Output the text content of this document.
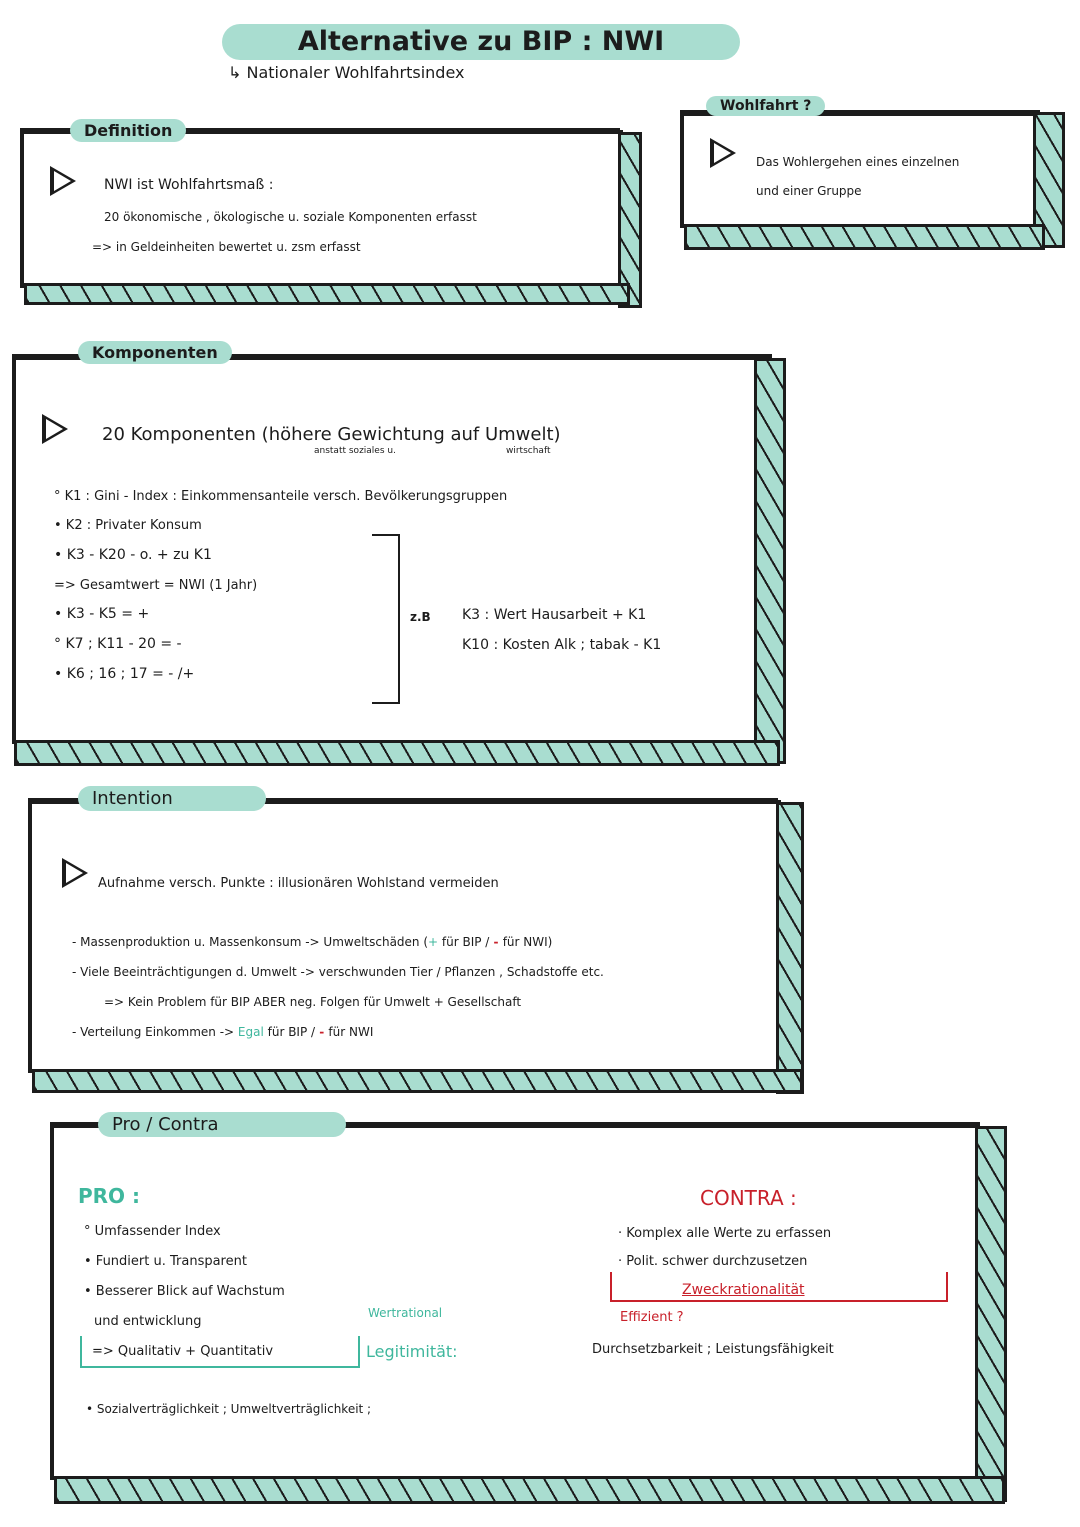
Alternative zu BIP : NWI
↳ Nationaler Wohlfahrtsindex
Definition
NWI ist Wohlfahrtsmaß :
20 ökonomische , ökologische u. soziale Komponenten erfasst
=> in Geldeinheiten bewertet u. zsm erfasst
Wohlfahrt ?
Das Wohlergehen eines einzelnen
und einer Gruppe
Komponenten
20 Komponenten (höhere Gewichtung auf Umwelt)
anstatt soziales u.	wirtschaft
° K1 : Gini - Index : Einkommensanteile versch. Bevölkerungsgruppen
• K2 : Privater Konsum
• K3 - K20 - o. + zu K1
=> Gesamtwert = NWI (1 Jahr)
• K3 - K5 = +
° K7 ; K11 - 20 = -
• K6 ; 16 ; 17 = - /+
z.B K3 : Wert Hausarbeit + K1
K10 : Kosten Alk ; tabak - K1
Intention
Aufnahme versch. Punkte : illusionären Wohlstand vermeiden
- Massenproduktion u. Massenkonsum -> Umweltschäden (+ für BIP / - für NWI)
- Viele Beeinträchtigungen d. Umwelt -> verschwunden Tier / Pflanzen , Schadstoffe etc.
=> Kein Problem für BIP ABER neg. Folgen für Umwelt + Gesellschaft
- Verteilung Einkommen -> Egal für BIP / - für NWI
Pro / Contra
PRO :
° Umfassender Index
• Fundiert u. Transparent
• Besserer Blick auf Wachstum
und entwicklung
=> Qualitativ + Quantitativ
Wertrational
Legitimität:
• Sozialverträglichkeit ; Umweltverträglichkeit ;
CONTRA :
· Komplex alle Werte zu erfassen
· Polit. schwer durchzusetzen
Zweckrationalität
Effizient ?
Durchsetzbarkeit ; Leistungsfähigkeit
